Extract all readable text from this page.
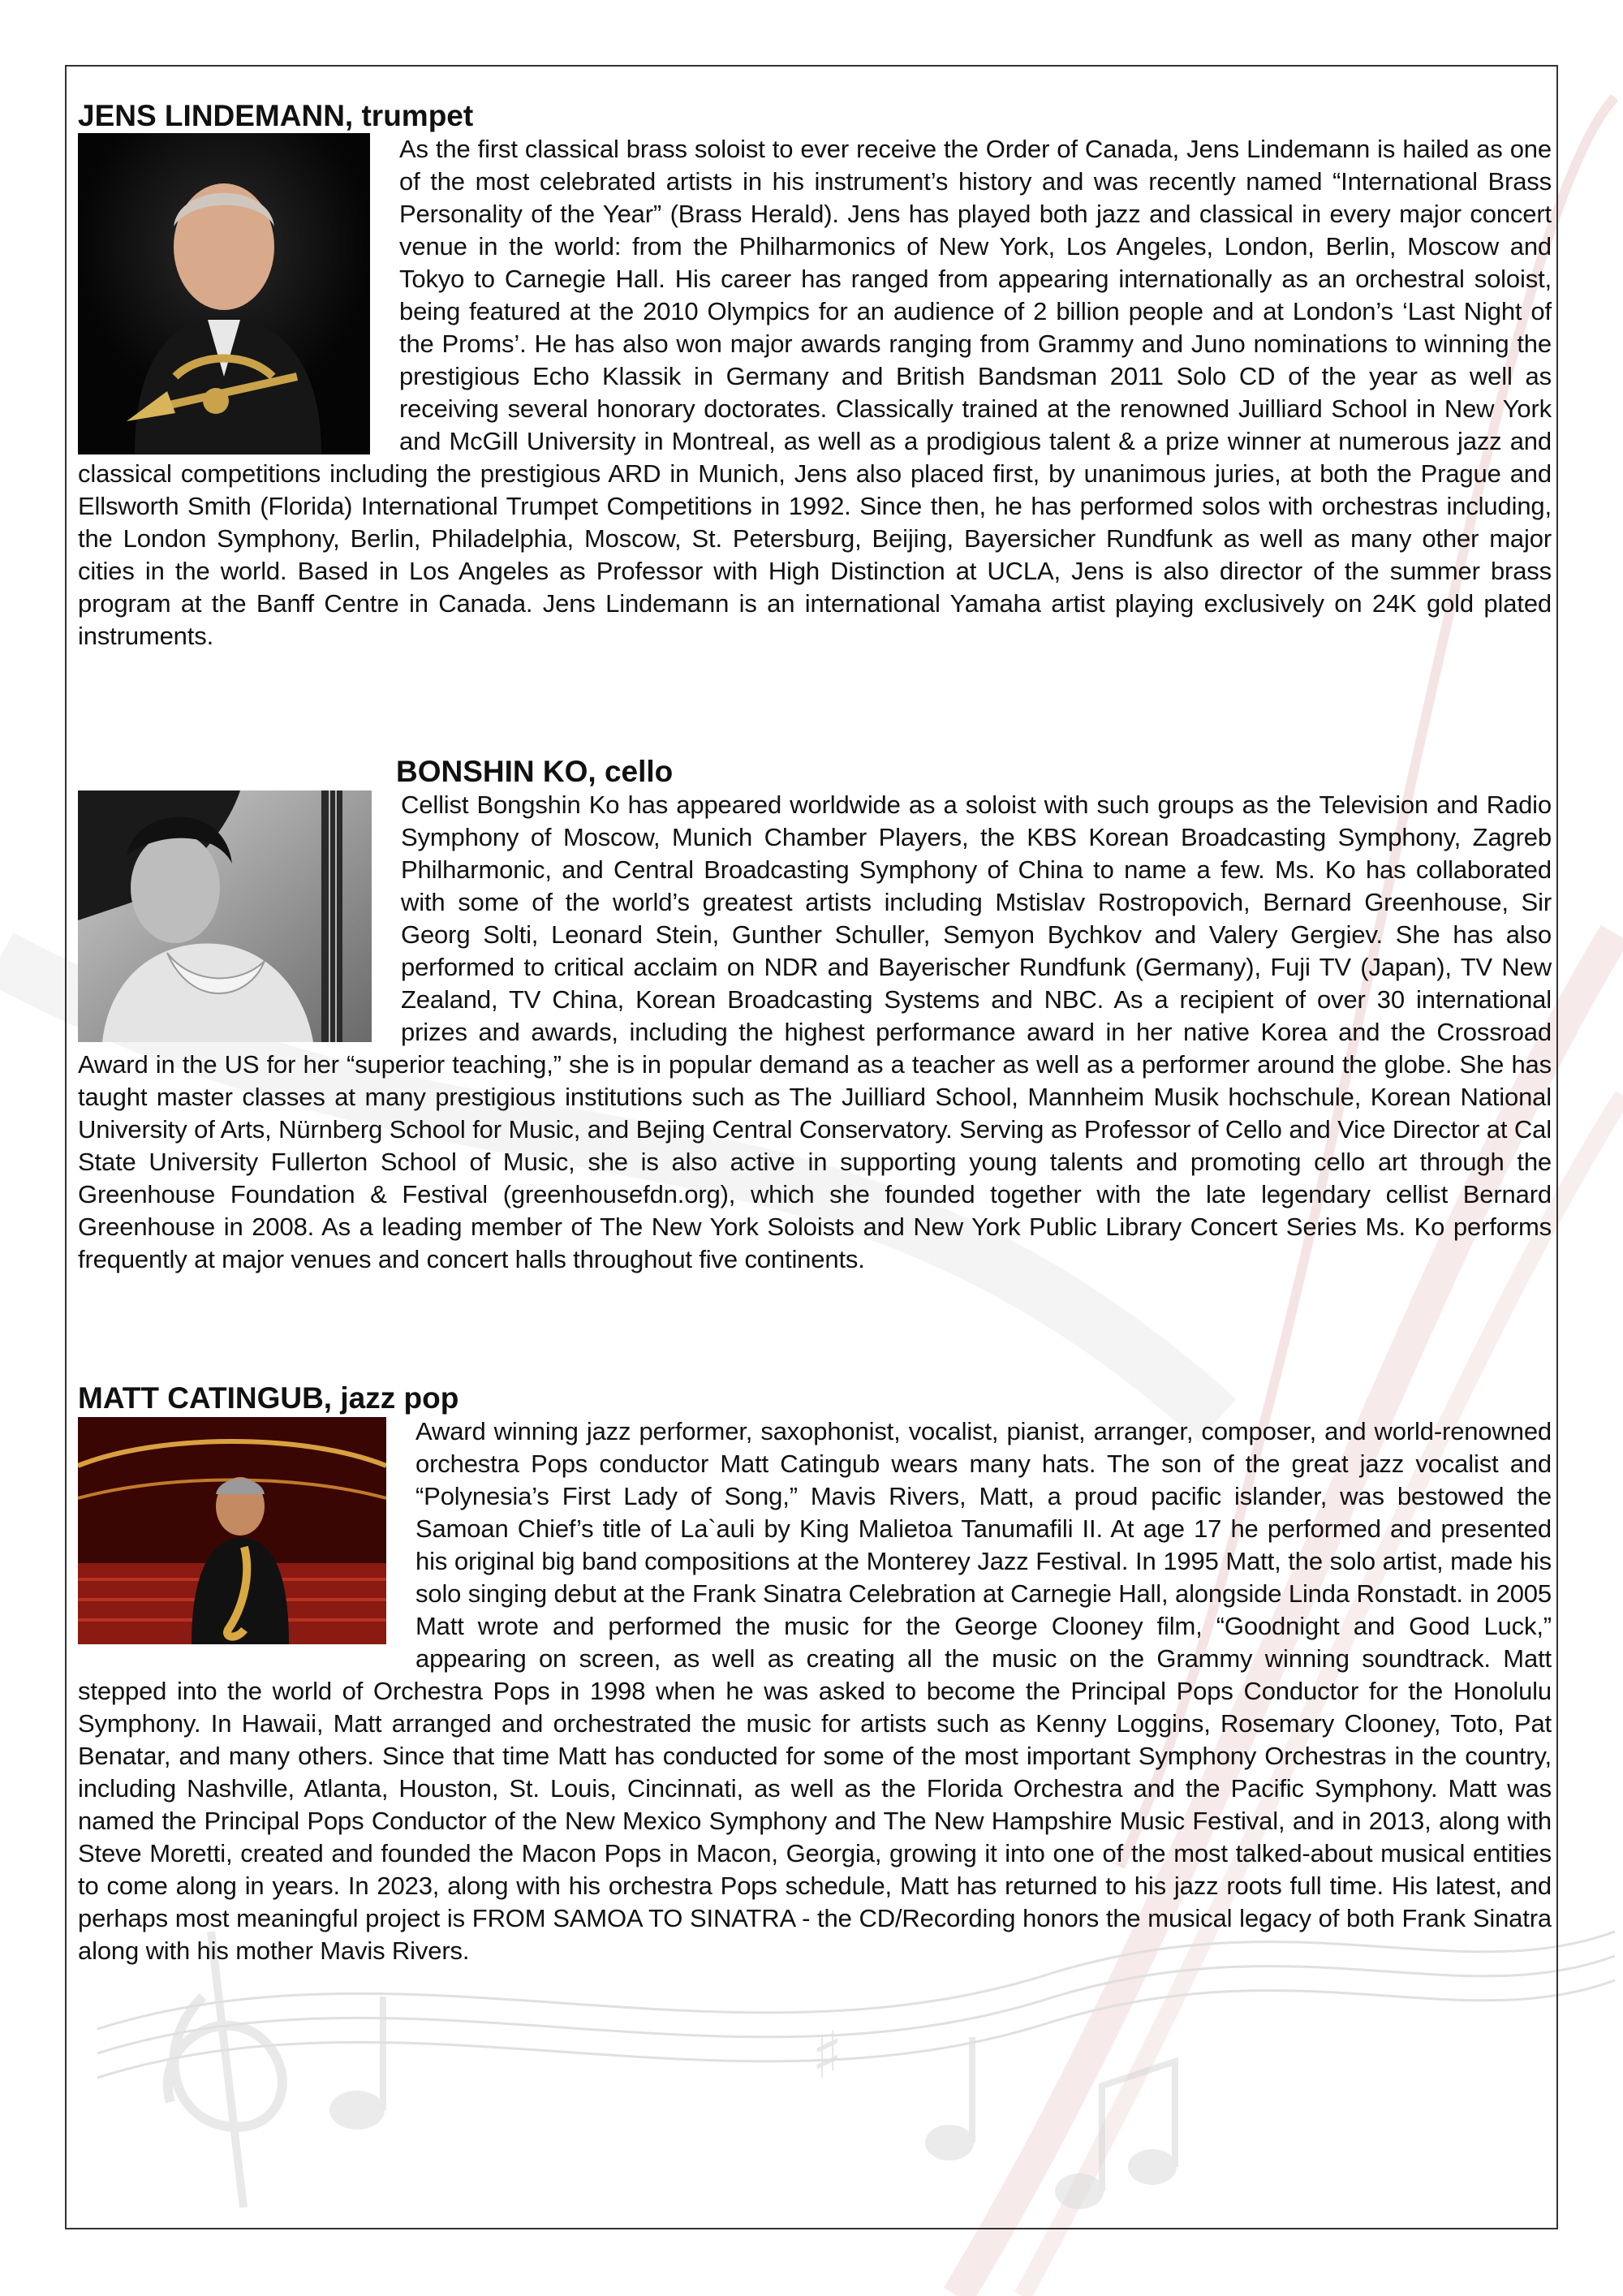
♯
JENS LINDEMANN, trumpet

As the first classical brass soloist to ever receive the Order of Canada, Jens Lindemann is hailed as one of the most celebrated artists in his instrument’s history and was recently named “International Brass Personality of the Year” (Brass Herald). Jens has played both jazz and classical in every major concert venue in the world: from the Philharmonics of New York, Los Angeles, London, Berlin, Moscow and Tokyo to Carnegie Hall. His career has ranged from appearing internationally as an orchestral soloist, being featured at the 2010 Olympics for an audience of 2 billion people and at London’s ‘Last Night of the Proms’. He has also won major awards ranging from Grammy and Juno nominations to winning the prestigious Echo Klassik in Germany and British Bandsman 2011 Solo CD of the year as well as receiving several honorary doctorates. Classically trained at the renowned Juilliard School in New York and McGill University in Montreal, as well as a prodigious talent & a prize winner at numerous jazz and classical competitions including the prestigious ARD in Munich, Jens also placed first, by unanimous juries, at both the Prague and Ellsworth Smith (Florida) International Trumpet Competitions in 1992. Since then, he has performed solos with orchestras including, the London Symphony, Berlin, Philadelphia, Moscow, St. Petersburg, Beijing, Bayersicher Rundfunk as well as many other major cities in the world. Based in Los Angeles as Professor with High Distinction at UCLA, Jens is also director of the summer brass program at the Banff Centre in Canada. Jens Lindemann is an international Yamaha artist playing exclusively on 24K gold plated instruments.

BONSHIN KO, cello

Cellist Bongshin Ko has appeared worldwide as a soloist with such groups as the Television and Radio Symphony of Moscow, Munich Chamber Players, the KBS Korean Broadcasting Symphony, Zagreb Philharmonic, and Central Broadcasting Symphony of China to name a few. Ms. Ko has collaborated with some of the world’s greatest artists including Mstislav Rostropovich, Bernard Greenhouse, Sir Georg Solti, Leonard Stein, Gunther Schuller, Semyon Bychkov and Valery Gergiev. She has also performed to critical acclaim on NDR and Bayerischer Rundfunk (Germany), Fuji TV (Japan), TV New Zealand, TV China, Korean Broadcasting Systems and NBC. As a recipient of over 30 international prizes and awards, including the highest performance award in her native Korea and the Crossroad Award in the US for her “superior teaching,” she is in popular demand as a teacher as well as a performer around the globe. She has taught master classes at many prestigious institutions such as The Juilliard School, Mannheim Musik hochschule, Korean National University of Arts, Nürnberg School for Music, and Bejing Central Conservatory. Serving as Professor of Cello and Vice Director at Cal State University Fullerton School of Music, she is also active in supporting young talents and promoting cello art through the Greenhouse Foundation & Festival (greenhousefdn.org), which she founded together with the late legendary cellist Bernard Greenhouse in 2008. As a leading member of The New York Soloists and New York Public Library Concert Series Ms. Ko performs frequently at major venues and concert halls throughout five continents.

MATT CATINGUB, jazz pop

Award winning jazz performer, saxophonist, vocalist, pianist, arranger, composer, and world-renowned orchestra Pops conductor Matt Catingub wears many hats. The son of the great jazz vocalist and “Polynesia’s First Lady of Song,” Mavis Rivers, Matt, a proud pacific islander, was bestowed the Samoan Chief’s title of La`auli by King Malietoa Tanumafili II. At age 17 he performed and presented his original big band compositions at the Monterey Jazz Festival. In 1995 Matt, the solo artist, made his solo singing debut at the Frank Sinatra Celebration at Carnegie Hall, alongside Linda Ronstadt. in 2005 Matt wrote and performed the music for the George Clooney film, “Goodnight and Good Luck,” appearing on screen, as well as creating all the music on the Grammy winning soundtrack. Matt stepped into the world of Orchestra Pops in 1998 when he was asked to become the Principal Pops Conductor for the Honolulu Symphony. In Hawaii, Matt arranged and orchestrated the music for artists such as Kenny Loggins, Rosemary Clooney, Toto, Pat Benatar, and many others. Since that time Matt has conducted for some of the most important Symphony Orchestras in the country, including Nashville, Atlanta, Houston, St. Louis, Cincinnati, as well as the Florida Orchestra and the Pacific Symphony. Matt was named the Principal Pops Conductor of the New Mexico Symphony and The New Hampshire Music Festival, and in 2013, along with Steve Moretti, created and founded the Macon Pops in Macon, Georgia, growing it into one of the most talked-about musical entities to come along in years. In 2023, along with his orchestra Pops schedule, Matt has returned to his jazz roots full time. His latest, and perhaps most meaningful project is FROM SAMOA TO SINATRA - the CD/Recording honors the musical legacy of both Frank Sinatra along with his mother Mavis Rivers.
